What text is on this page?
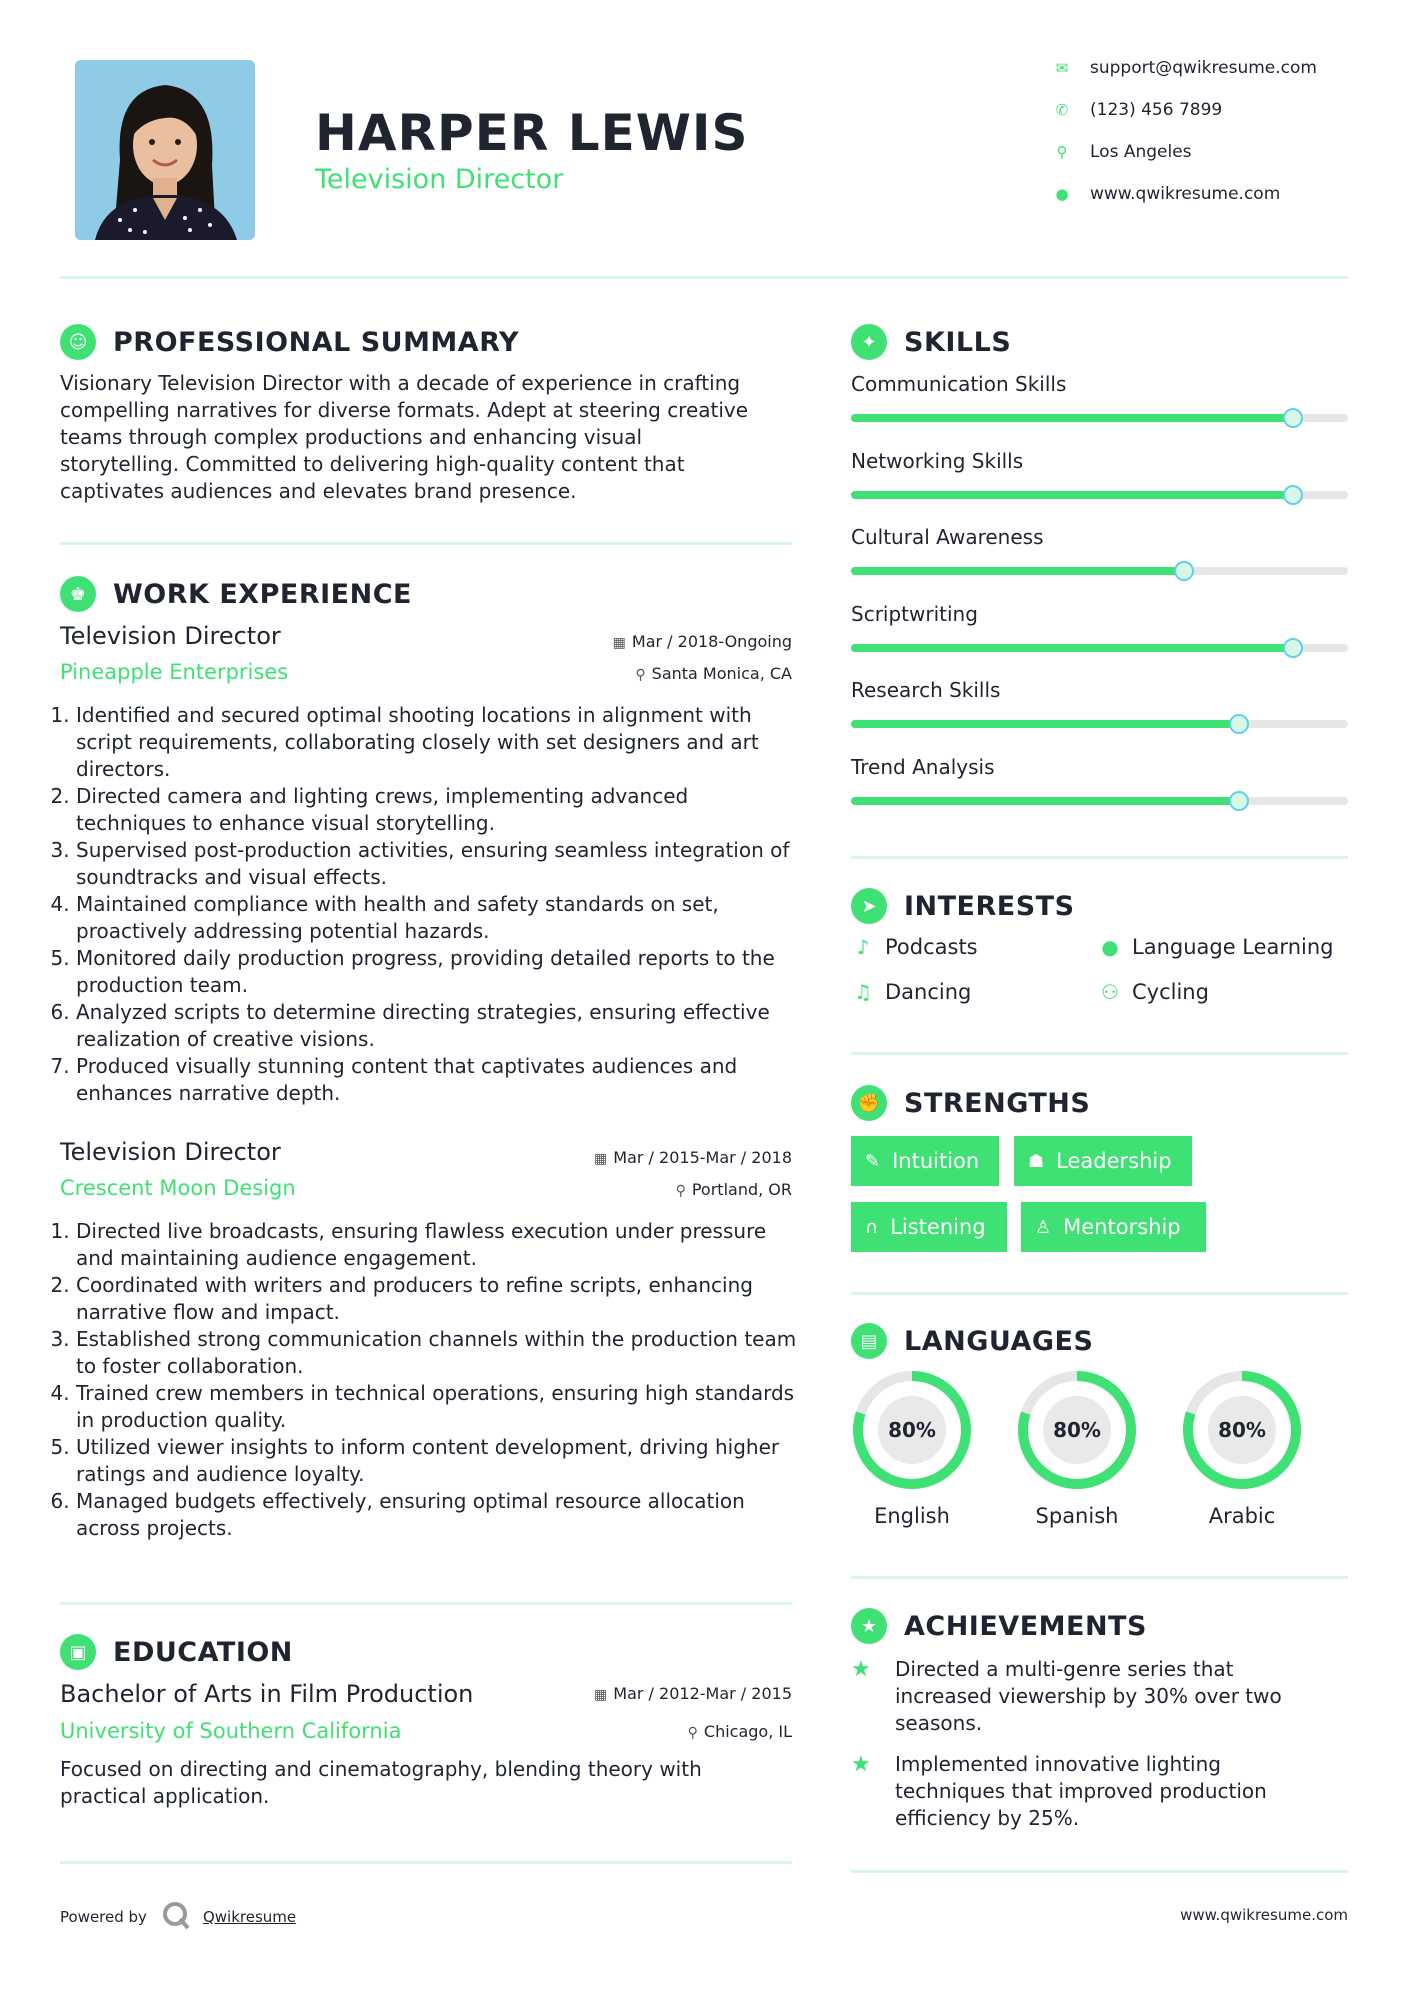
HARPER LEWIS
Television Director
✉ support@qwikresume.com
✆ (123) 456 7899
⚲ Los Angeles
● www.qwikresume.com
☺ PROFESSIONAL SUMMARY
Visionary Television Director with a decade of experience in crafting
compelling narratives for diverse formats. Adept at steering creative
teams through complex productions and enhancing visual
storytelling. Committed to delivering high-quality content that
captivates audiences and elevates brand presence.
♚ WORK EXPERIENCE
Television Director
Pineapple Enterprises
▦ Mar / 2018-Ongoing
⚲ Santa Monica, CA
1. Identified and secured optimal shooting locations in alignment with script requirements, collaborating closely with set designers and art directors.
2. Directed camera and lighting crews, implementing advanced techniques to enhance visual storytelling.
3. Supervised post-production activities, ensuring seamless integration of soundtracks and visual effects.
4. Maintained compliance with health and safety standards on set, proactively addressing potential hazards.
5. Monitored daily production progress, providing detailed reports to the production team.
6. Analyzed scripts to determine directing strategies, ensuring effective realization of creative visions.
7. Produced visually stunning content that captivates audiences and enhances narrative depth.
Television Director
Crescent Moon Design
▦ Mar / 2015-Mar / 2018
⚲ Portland, OR
1. Directed live broadcasts, ensuring flawless execution under pressure and maintaining audience engagement.
2. Coordinated with writers and producers to refine scripts, enhancing narrative flow and impact.
3. Established strong communication channels within the production team to foster collaboration.
4. Trained crew members in technical operations, ensuring high standards in production quality.
5. Utilized viewer insights to inform content development, driving higher ratings and audience loyalty.
6. Managed budgets effectively, ensuring optimal resource allocation across projects.
▣ EDUCATION
Bachelor of Arts in Film Production
University of Southern California
▦ Mar / 2012-Mar / 2015
⚲ Chicago, IL
Focused on directing and cinematography, blending theory with
practical application.
✦	SKILLS
Communication Skills
Networking Skills
Cultural Awareness
Scriptwriting
Research Skills
Trend Analysis
➤	INTERESTS
♪ Podcasts	● Language Learning
♫ Dancing	⚇ Cycling
✊ STRENGTHS
✎ Intuition	☗ Leadership
∩ Listening	♙ Mentorship
▤ LANGUAGES
80%
English
80%
Spanish
80%
Arabic
★ ACHIEVEMENTS
★	Directed a multi-genre series that
increased viewership by 30% over two
seasons.
★	Implemented innovative lighting
techniques that improved production
efficiency by 25%.
Powered by	Qwikresume	www.qwikresume.com
